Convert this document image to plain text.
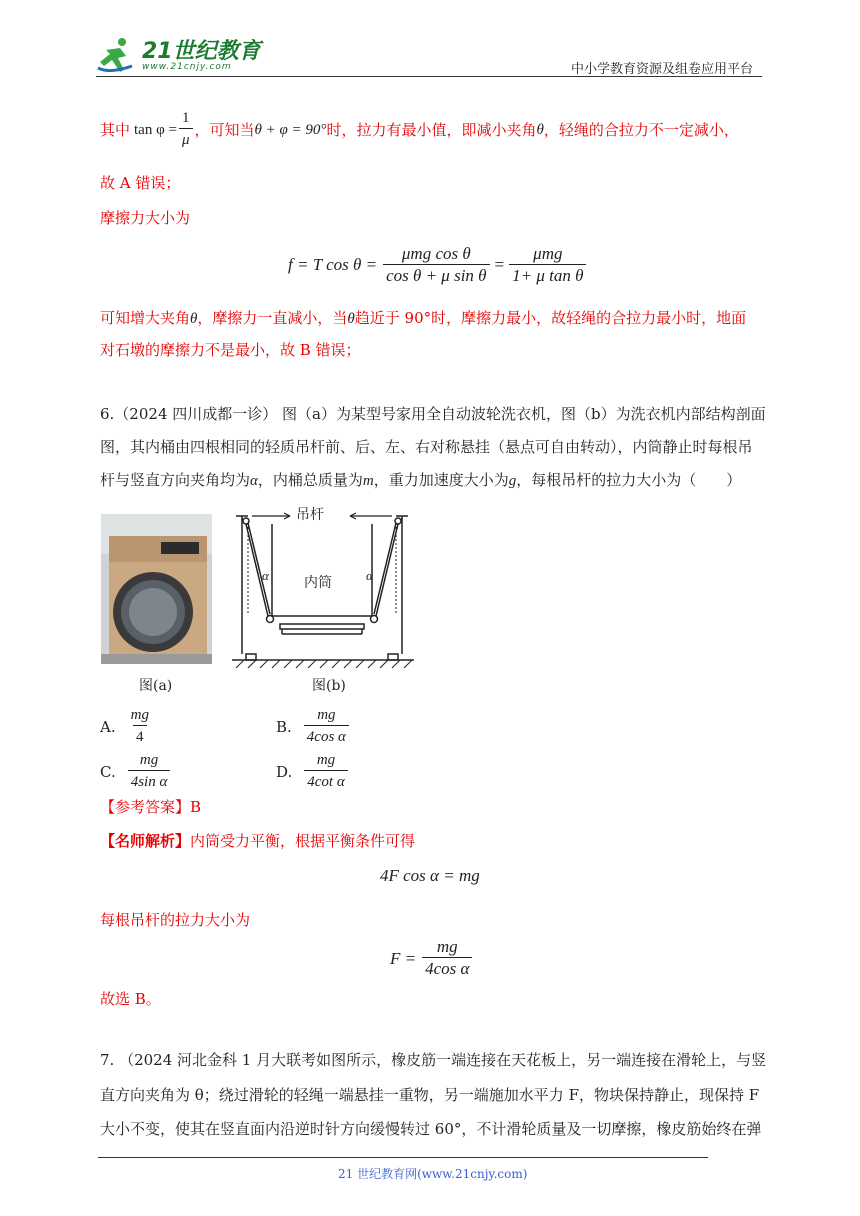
21世纪教育
www.21cnjy.com	中小学教育资源及组卷应用平台
其中 $\tan \varphi = \frac{1}{\mu}$ ，可知当 θ + φ = 90° 时，拉力有最小值，即减小夹角 θ ，轻绳的合拉力不一定减小，
故 A 错误；
摩擦力大小为
f = T $\cos \theta = \frac{\text{μmg cos θ}}{\text{cos θ + μ sin θ}} = \frac{\text{μmg}}{\text{1+ μ tan θ}}$
可知增大夹角θ，摩擦力一直减小，当θ趋近于 90°时，摩擦力最小，故轻绳的合拉力最小时，地面
对石墩的摩擦力不是最小，故 B 错误；
6.（2024 四川成都一诊） 图（a）为某型号家用全自动波轮洗衣机，图（b）为洗衣机内部结构剖面
图，其内桶由四根相同的轻质吊杆前、后、左、右对称悬挂（悬点可自由转动），内筒静止时每根吊
杆与竖直方向夹角均为α，内桶总质量为m，重力加速度大小为g，每根吊杆的拉力大小为（　　）
图(a)
吊杆
内筒
α	α
图(b)
A. $\frac{mg}{4}$	B. $\frac{mg}{\text{4cos α}}$
C. $\frac{mg}{\text{4sin α}}$	D. $\frac{mg}{\text{4cot α}}$
【参考答案】B
【名师解析】内筒受力平衡，根据平衡条件可得
4F cos α = mg
每根吊杆的拉力大小为
$F = \frac{mg}{\text{4cos α}}$
故选 B。
7. （2024 河北金科 1 月大联考如图所示，橡皮筋一端连接在天花板上，另一端连接在滑轮上，与竖
直方向夹角为 θ；绕过滑轮的轻绳一端悬挂一重物，另一端施加水平力 F，物块保持静止，现保持 F
大小不变，使其在竖直面内沿逆时针方向缓慢转过 60°，不计滑轮质量及一切摩擦，橡皮筋始终在弹
21 世纪教育网(www.21cnjy.com)
